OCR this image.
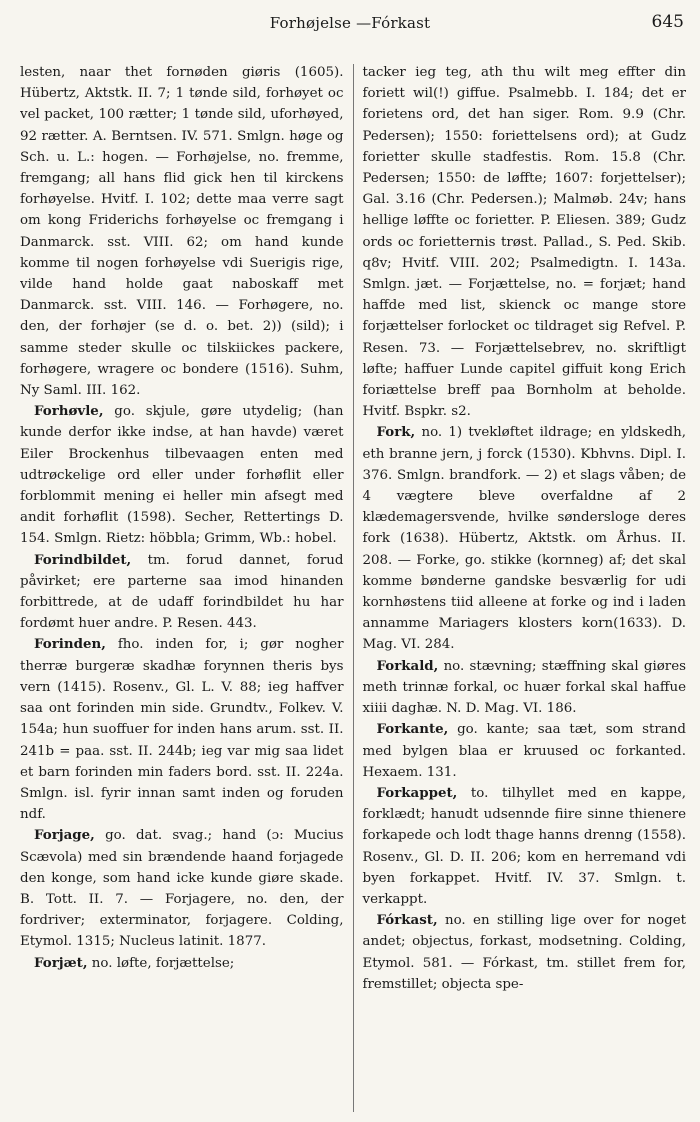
Forhøjelse —Fórkast	645

lesten, naar thet fornøden giøris (1605). Hübertz, Aktstk. II. 7; 1 tønde sild, forhøyet oc vel packet, 100 rætter; 1 tønde sild, uforhøyed, 92 rætter. A. Berntsen. IV. 571. Smlgn. høge og Sch. u. L.: hogen. — Forhøjelse, no. fremme, fremgang; all hans flid gick hen til kirckens forhøyelse. Hvitf. I. 102; dette maa verre sagt om kong Friderichs forhøyelse oc fremgang i Danmarck. sst. VIII. 62; om hand kunde komme til nogen forhøyelse vdi Suerigis rige, vilde hand holde gaat naboskaff met Danmarck. sst. VIII. 146. — Forhøgere, no. den, der forhøjer (se d. o. bet. 2)) (sild); i samme steder skulle oc tilskiickes packere, forhøgere, wragere oc bondere (1516). Suhm, Ny Saml. III. 162.

Forhøvle, go. skjule, gøre utydelig; (han kunde derfor ikke indse, at han havde) været Eiler Brockenhus tilbevaagen enten med udtrøckelige ord eller under forhøflit eller forblommit mening ei heller min afsegt med andit forhøflit (1598). Secher, Rettertings D. 154. Smlgn. Rietz: höbbla; Grimm, Wb.: hobel.

Forindbildet, tm. forud dannet, forud påvirket; ere parterne saa imod hinanden forbittrede, at de udaff forindbildet hu har fordømt huer andre. P. Resen. 443.

Forinden, fho. inden for, i; gør nogher therræ burgeræ skadhæ forynnen theris bys vern (1415). Rosenv., Gl. L. V. 88; ieg haffver saa ont forinden min side. Grundtv., Folkev. V. 154a; hun suoffuer for inden hans arum. sst. II. 241b = paa. sst. II. 244b; ieg var mig saa lidet et barn forinden min faders bord. sst. II. 224a. Smlgn. isl. fyrir innan samt inden og foruden ndf.

Forjage, go. dat. svag.; hand (ɔ: Mucius Scævola) med sin brændende haand forjagede den konge, som hand icke kunde giøre skade. B. Tott. II. 7. — Forjagere, no. den, der fordriver; exterminator, forjagere. Colding, Etymol. 1315; Nucleus latinit. 1877.

Forjæt, no. løfte, forjættelse;

tacker ieg teg, ath thu wilt meg effter din foriett wil(!) giffue. Psalmebb. I. 184; det er forietens ord, det han siger. Rom. 9.9 (Chr. Pedersen); 1550: foriettelsens ord); at Gudz forietter skulle stadfestis. Rom. 15.8 (Chr. Pedersen; 1550: de løffte; 1607: forjettelser); Gal. 3.16 (Chr. Pedersen.); Malmøb. 24v; hans hellige løffte oc forietter. P. Eliesen. 389; Gudz ords oc forietternis trøst. Pallad., S. Ped. Skib. q8v; Hvitf. VIII. 202; Psalmedigtn. I. 143a. Smlgn. jæt. — Forjættelse, no. = forjæt; hand haffde med list, skienck oc mange store forjættelser forlocket oc tildraget sig Refvel. P. Resen. 73. — Forjættelsebrev, no. skriftligt løfte; haffuer Lunde capitel giffuit kong Erich foriættelse breff paa Bornholm at beholde. Hvitf. Bspkr. s2.

Fork, no. 1) tvekløftet ildrage; en yldskedh, eth branne jern, j forck (1530). Kbhvns. Dipl. I. 376. Smlgn. brandfork. — 2) et slags våben; de 4 vægtere bleve overfaldne af 2 klædemagersvende, hvilke søndersloge deres fork (1638). Hübertz, Aktstk. om Århus. II. 208. — Forke, go. stikke (kornneg) af; det skal komme bønderne gandske besværlig for udi kornhøstens tiid alleene at forke og ind i laden annamme Mariagers klosters korn(1633). D. Mag. VI. 284.

Forkald, no. stævning; stæffning skal giøres meth trinnæ forkal, oc huær forkal skal haffue xiiii daghæ. N. D. Mag. VI. 186.

Forkante, go. kante; saa tæt, som strand med bylgen blaa er kruused oc forkanted. Hexaem. 131.

Forkappet, to. tilhyllet med en kappe, forklædt; hanudt udsennde fiire sinne thienere forkapede och lodt thage hanns drenng (1558). Rosenv., Gl. D. II. 206; kom en herremand vdi byen forkappet. Hvitf. IV. 37. Smlgn. t. verkappt.

Fórkast, no. en stilling lige over for noget andet; objectus, forkast, modsetning. Colding, Etymol. 581. — Fórkast, tm. stillet frem for, fremstillet; objecta spe-
